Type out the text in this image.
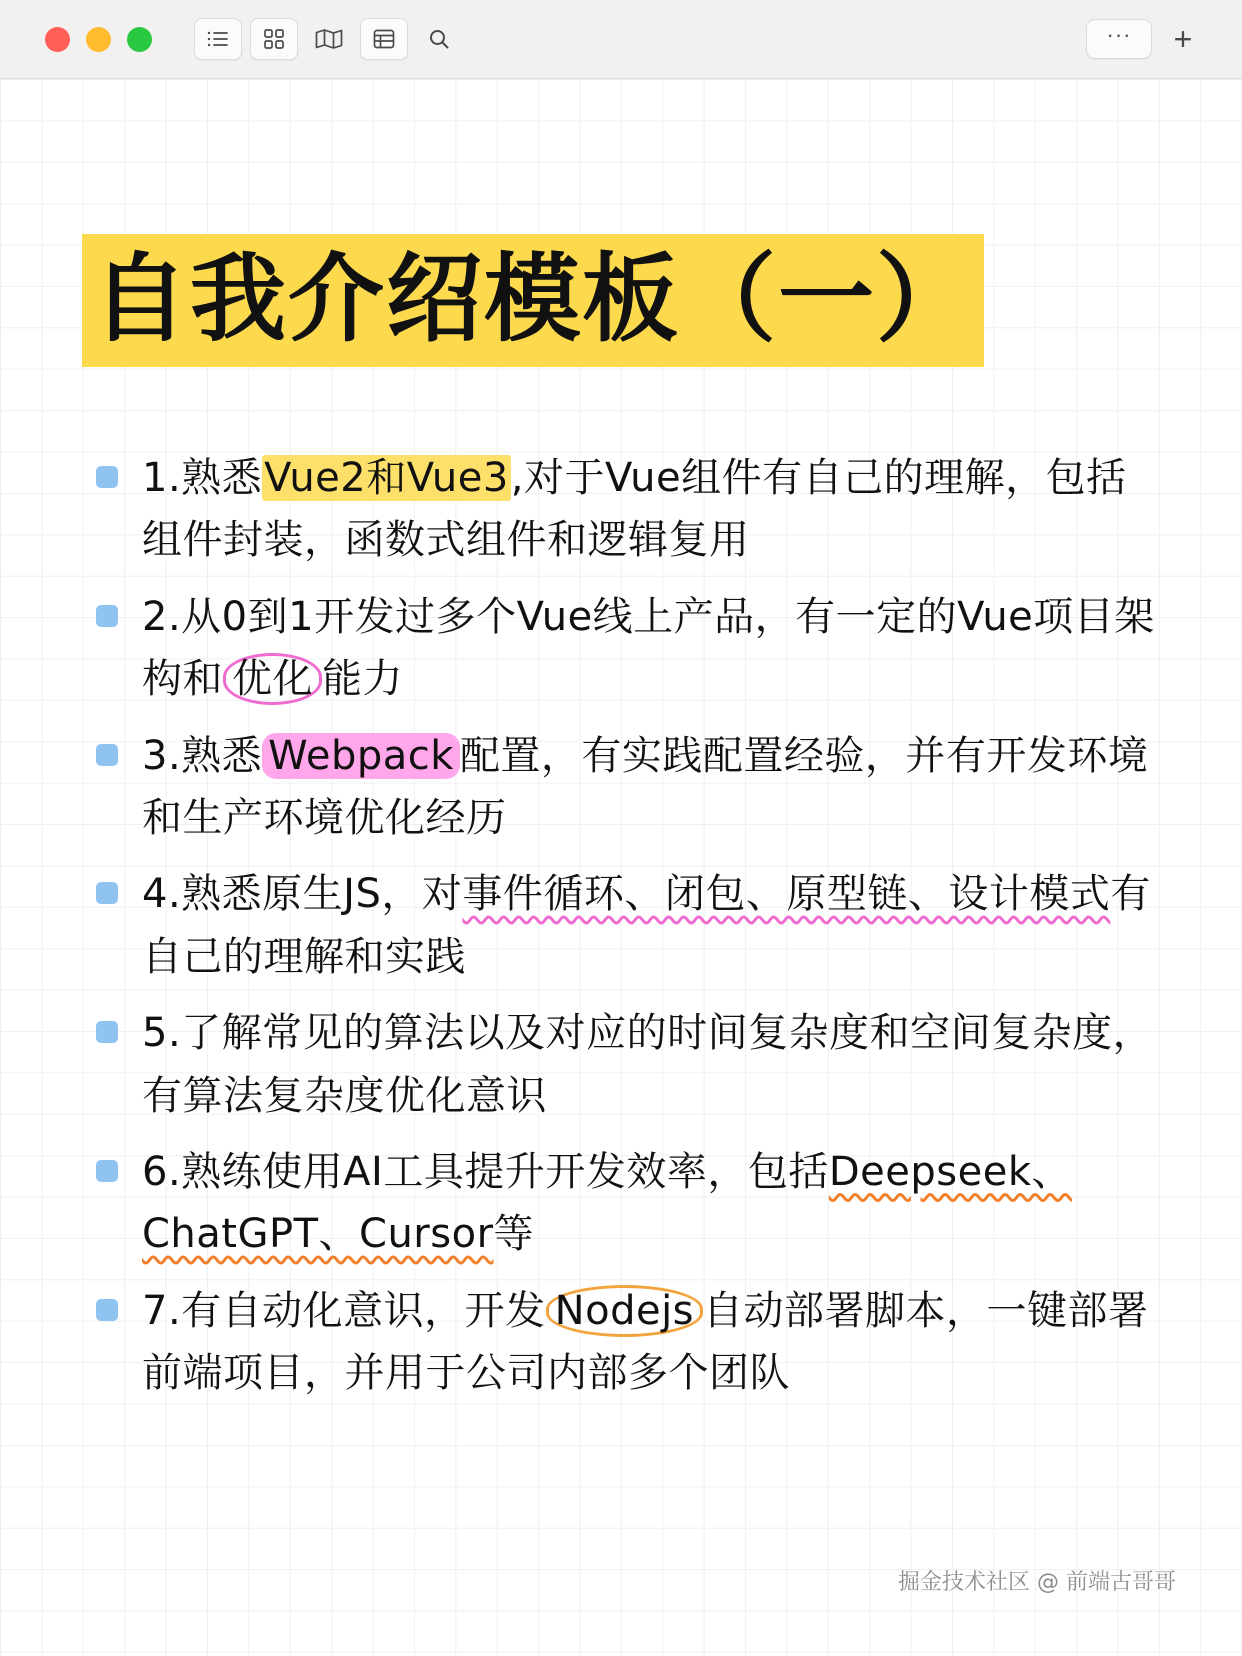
···	+
自我介绍模板（一）
1.熟悉Vue2和Vue3,对于Vue组件有自己的理解，包括组件封装，函数式组件和逻辑复用
2.从0到1开发过多个Vue线上产品，有一定的Vue项目架构和 优化 能力
3.熟悉 Webpack 配置，有实践配置经验，并有开发环境和生产环境优化经历
4.熟悉原生JS，对事件循环、闭包、原型链、设计模式有自己的理解和实践
5.了解常见的算法以及对应的时间复杂度和空间复杂度，有算法复杂度优化意识
6.熟练使用AI工具提升开发效率，包括Deepseek、ChatGPT、Cursor等
7.有自动化意识，开发 Nodejs 自动部署脚本，一键部署前端项目，并用于公司内部多个团队
掘金技术社区 @ 前端古哥哥
